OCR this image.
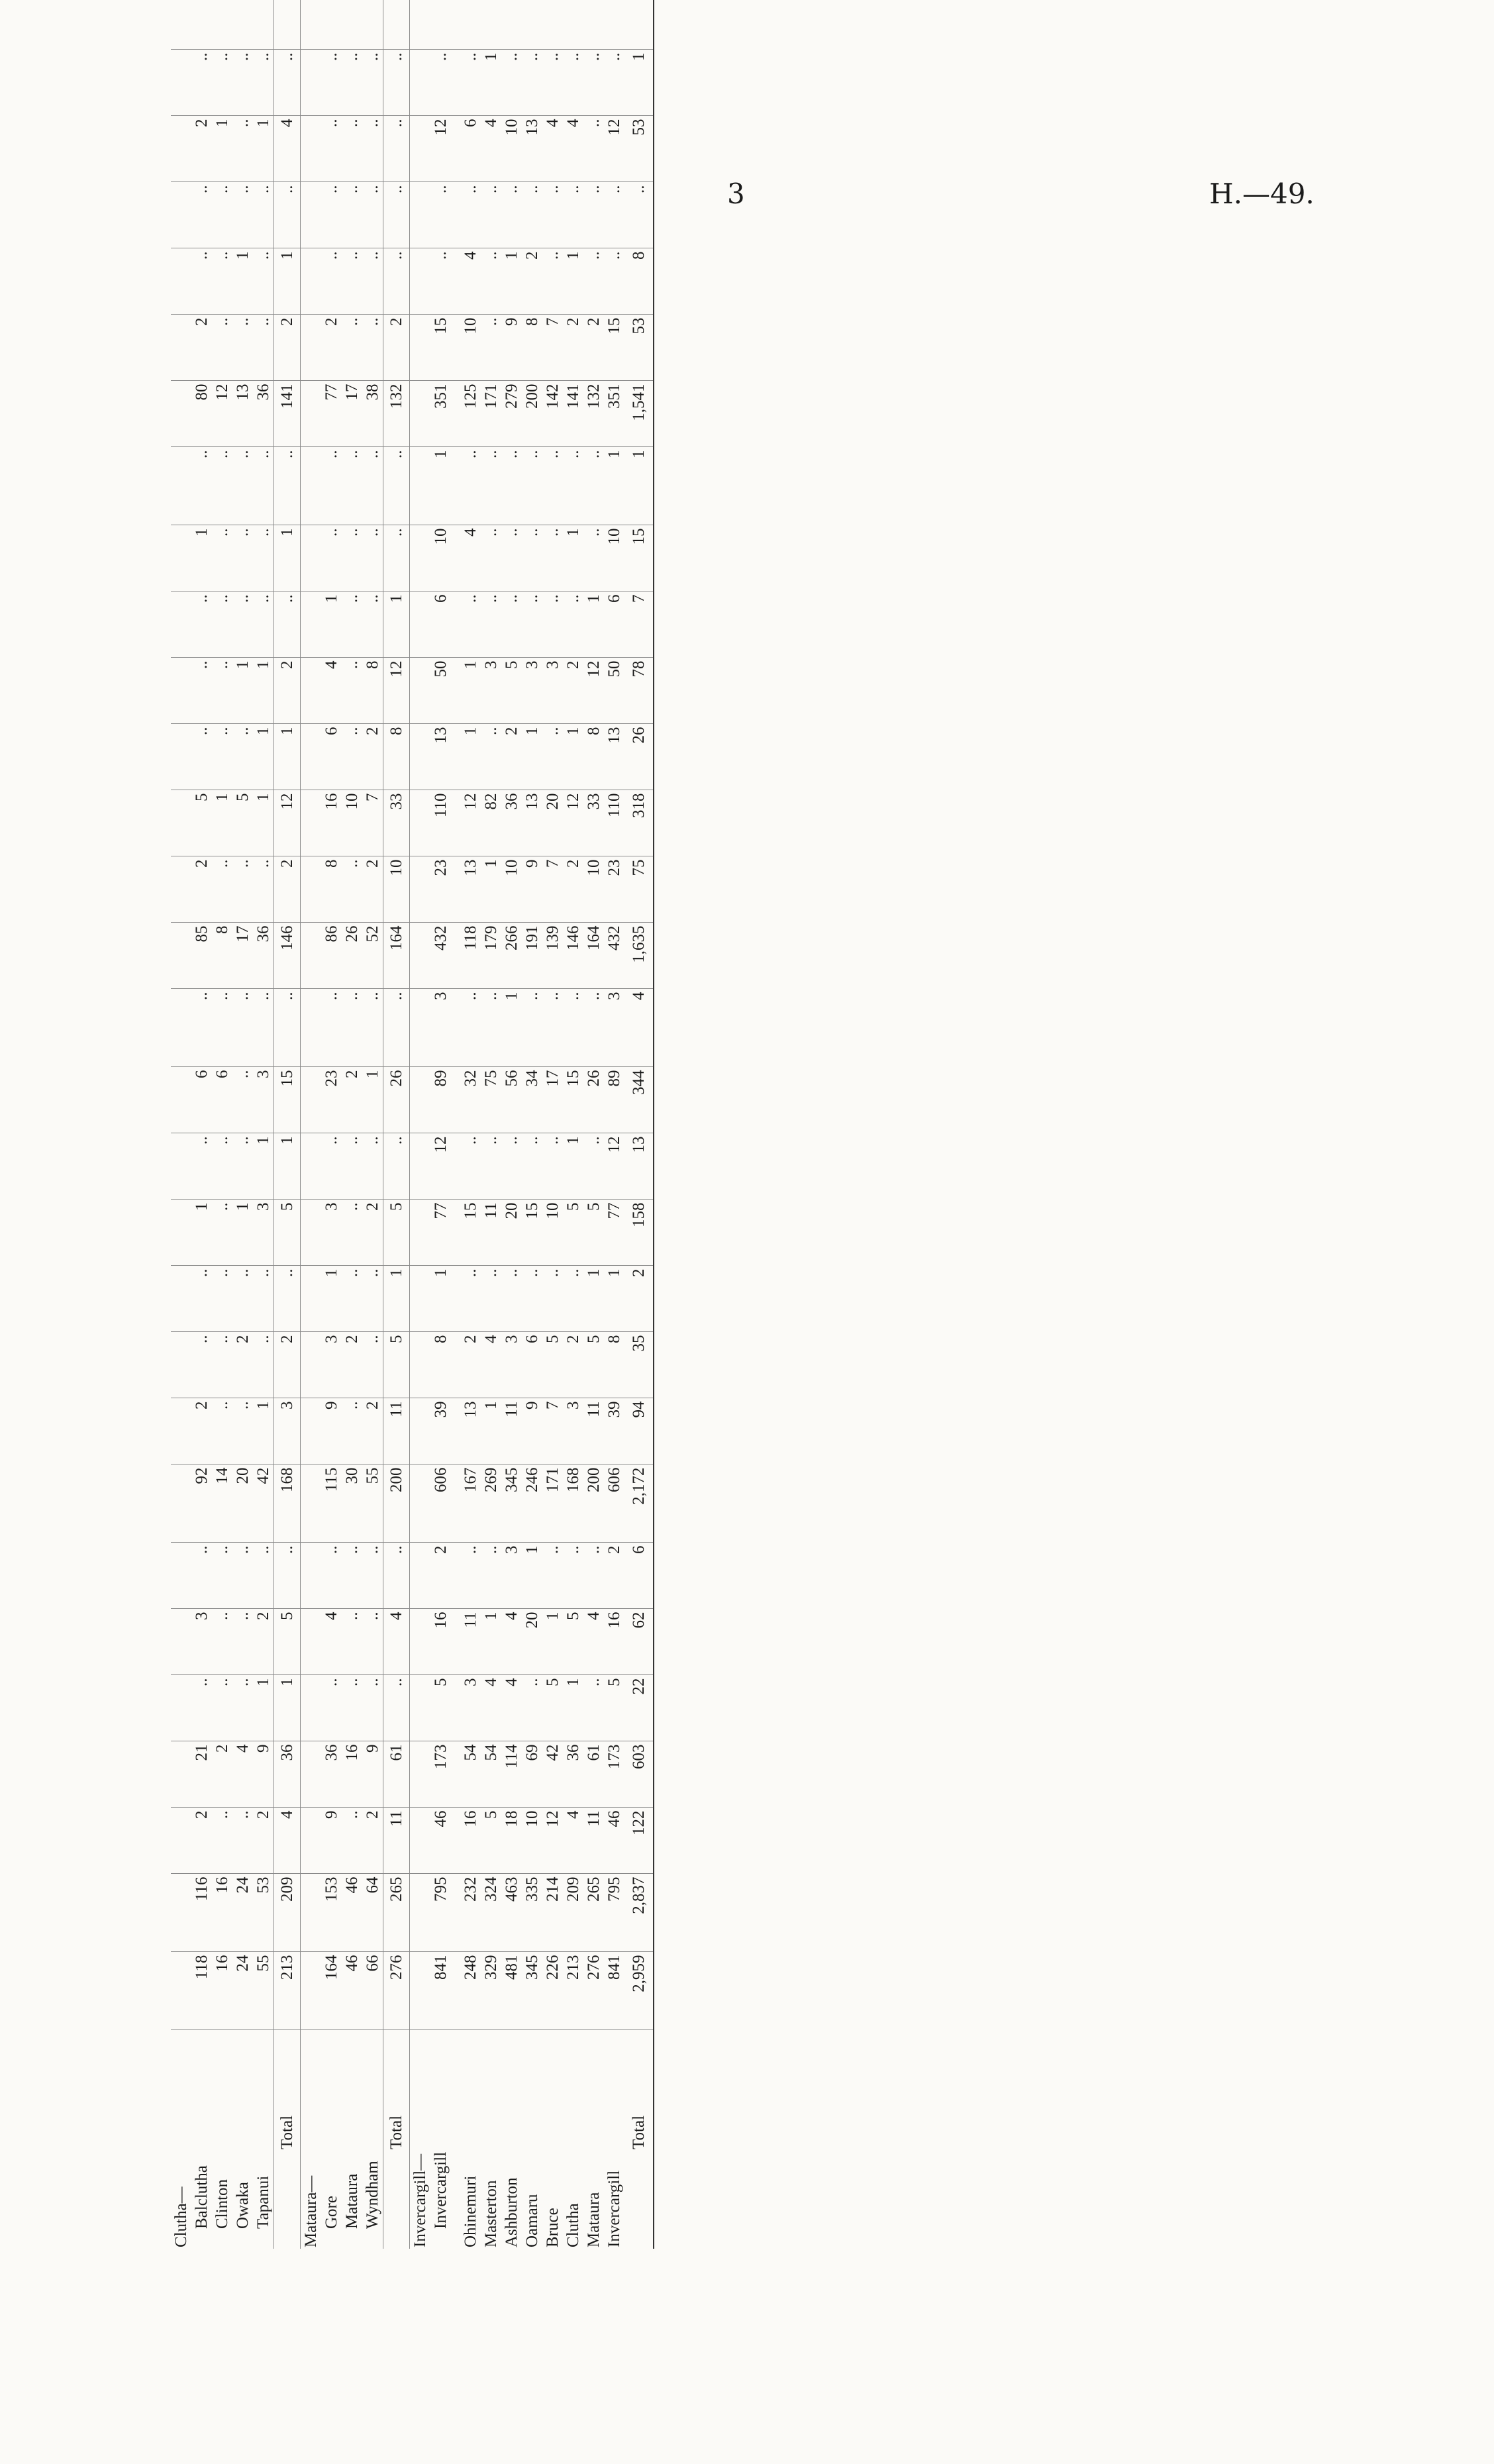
3	H.—49.
Clutha—																																					
Balclutha	118	116	2	21	..	3	..	92	2	..	..	1	..	6	..	85	2	5	..	..	..	1	..	80	2	..	..	2	..								
Clinton	16	16	..	2	..	..	..	14	..	..	..	..	..	6	..	8	..	1	..	..	..	..	..	12	..	..	..	1	..								
Owaka	24	24	..	4	..	..	..	20	..	2	..	1	..	..	..	17	..	5	..	1	..	..	..	13	..	1	..	..	..								
Tapanui	55	53	2	9	1	2	..	42	1	..	..	3	1	3	..	36	..	1	1	1	..	..	..	36	..	..	..	1	..								
Total	213	209	4	36	1	5	..	168	3	2	..	5	1	15	..	146	2	12	1	2	..	1	..	141	2	1	..	4	..								
Mataura—																																					
Gore	164	153	9	36	..	4	..	115	9	3	1	3	..	23	..	86	8	16	6	4	1	..	..	77	2	..	..	..	..								
Mataura	46	46	..	16	..	..	..	30	..	2	..	..	..	2	..	26	..	10	..	..	..	..	..	17	..	..	..	..	..								
Wyndham	66	64	2	9	..	..	..	55	2	..	..	2	..	1	..	52	2	7	2	8	..	..	..	38	..	..	..	..	..								
Total	276	265	11	61	..	4	..	200	11	5	1	5	..	26	..	164	10	33	8	12	1	..	..	132	2	..	..	..	..								
Invercargill—																																					
Invercargill	841	795	46	173	5	16	2	606	39	8	1	77	12	89	3	432	23	110	13	50	6	10	1	351	15	..	..	12	..								

Ohinemuri	248	232	16	54	3	11	..	167	13	2	..	15	..	32	..	118	13	12	1	1	..	4	..	125	10	4	..	6	..								
Masterton	329	324	5	54	4	1	..	269	1	4	..	11	..	75	..	179	1	82	..	3	..	..	..	171	..	..	..	4	1								
Ashburton	481	463	18	114	4	4	3	345	11	3	..	20	..	56	1	266	10	36	2	5	..	..	..	279	9	1	..	10	..								
Oamaru	345	335	10	69	..	20	1	246	9	6	..	15	..	34	..	191	9	13	1	3	..	..	..	200	8	2	..	13	..								
Bruce	226	214	12	42	5	1	..	171	7	5	..	10	..	17	..	139	7	20	..	3	..	..	..	142	7	..	..	4	..								
Clutha	213	209	4	36	1	5	..	168	3	2	..	5	1	15	..	146	2	12	1	2	..	1	..	141	2	1	..	4	..								
Mataura	276	265	11	61	..	4	..	200	11	5	1	5	..	26	..	164	10	33	8	12	1	..	..	132	2	..	..	..	..								
Invercargill	841	795	46	173	5	16	2	606	39	8	1	77	12	89	3	432	23	110	13	50	6	10	1	351	15	..	..	12	..								
Total	2,959	2,837	122	603	22	62	6	2,172	94	35	2	158	13	344	4	1,635	75	318	26	78	7	15	1	1,541	53	8	..	53	1								
